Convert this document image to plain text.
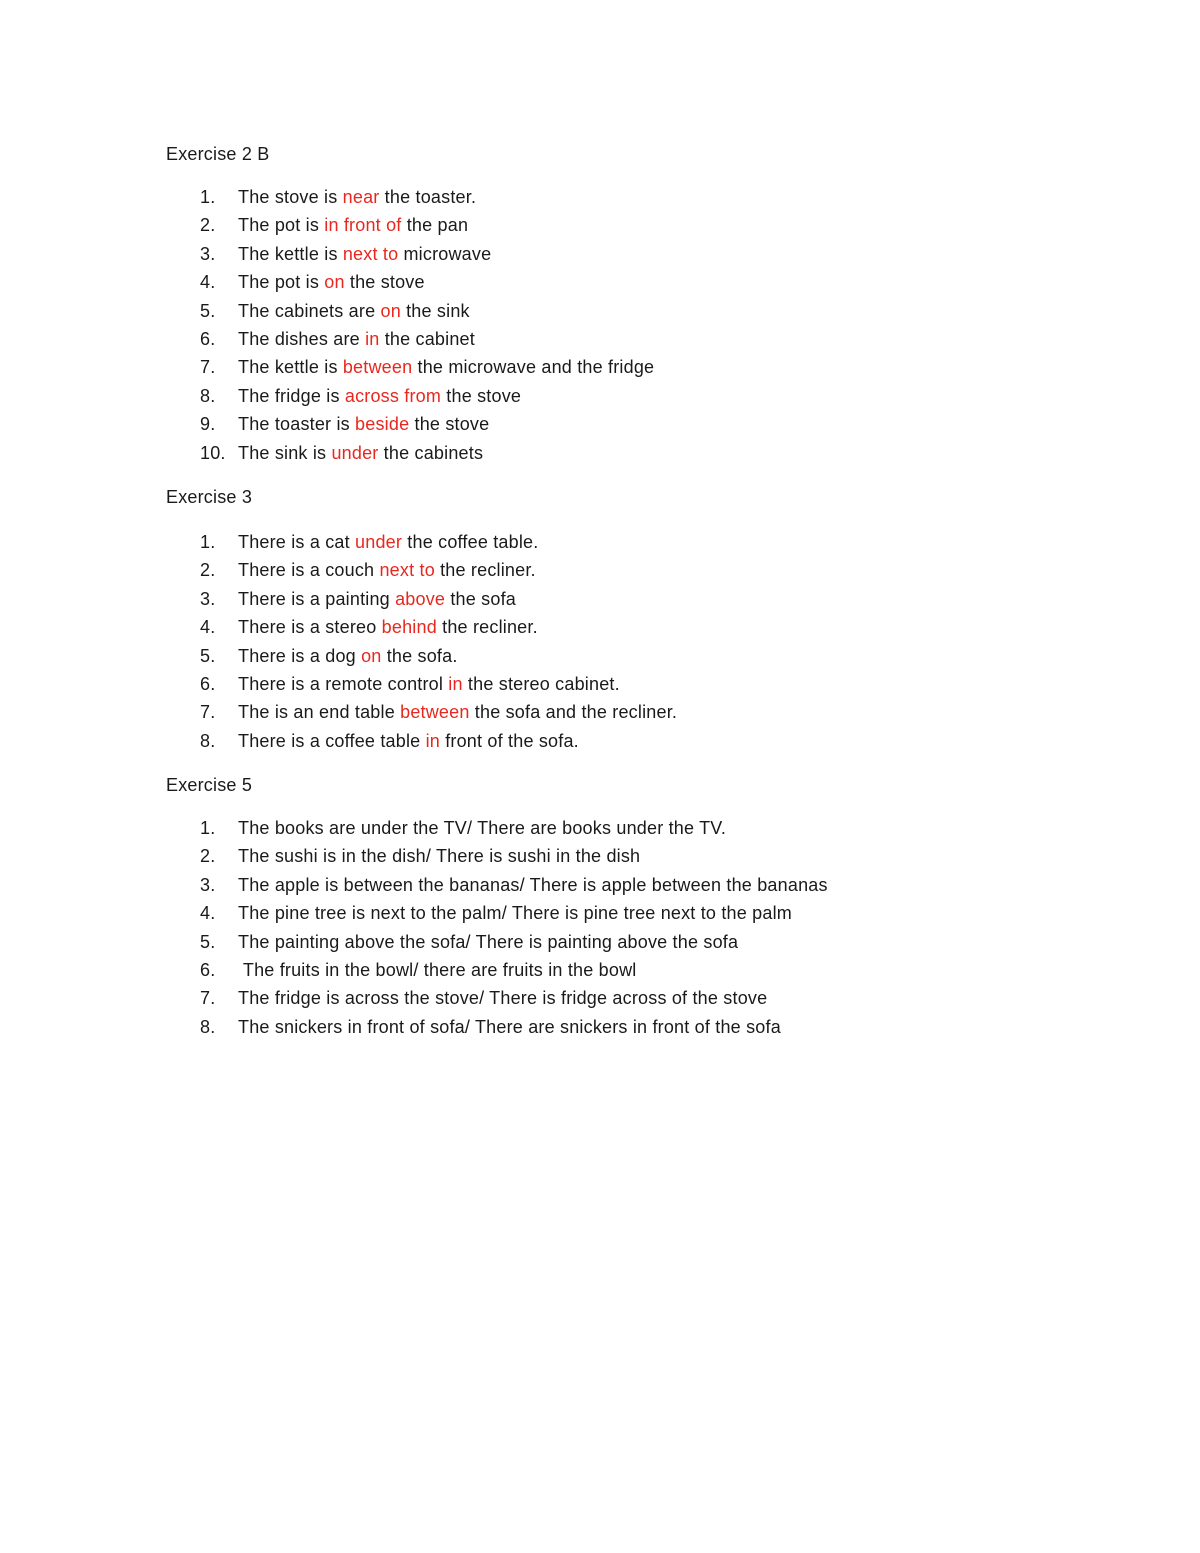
Exercise 2 B
1.	The stove is near the toaster.
2.	The pot is in front of the pan
3.	The kettle is next to microwave
4.	The pot is on the stove
5.	The cabinets are on the sink
6.	The dishes are in the cabinet
7.	The kettle is between the microwave and the fridge
8.	The fridge is across from the stove
9.	The toaster is beside the stove
10. The sink is under the cabinets
Exercise 3
1.	There is a cat under the coffee table.
2.	There is a couch next to the recliner.
3.	There is a painting above the sofa
4.	There is a stereo behind the recliner.
5.	There is a dog on the sofa.
6.	There is a remote control in the stereo cabinet.
7.	The is an end table between the sofa and the recliner.
8.	There is a coffee table in front of the sofa.
Exercise 5
1.	The books are under the TV/ There are books under the TV.
2.	The sushi is in the dish/ There is sushi in the dish
3.	The apple is between the bananas/ There is apple between the bananas
4.	The pine tree is next to the palm/ There is pine tree next to the palm
5.	The painting above the sofa/ There is painting above the sofa
6.	The fruits in the bowl/ there are fruits in the bowl
7.	The fridge is across the stove/ There is fridge across of the stove
8.	The snickers in front of sofa/ There are snickers in front of the sofa
